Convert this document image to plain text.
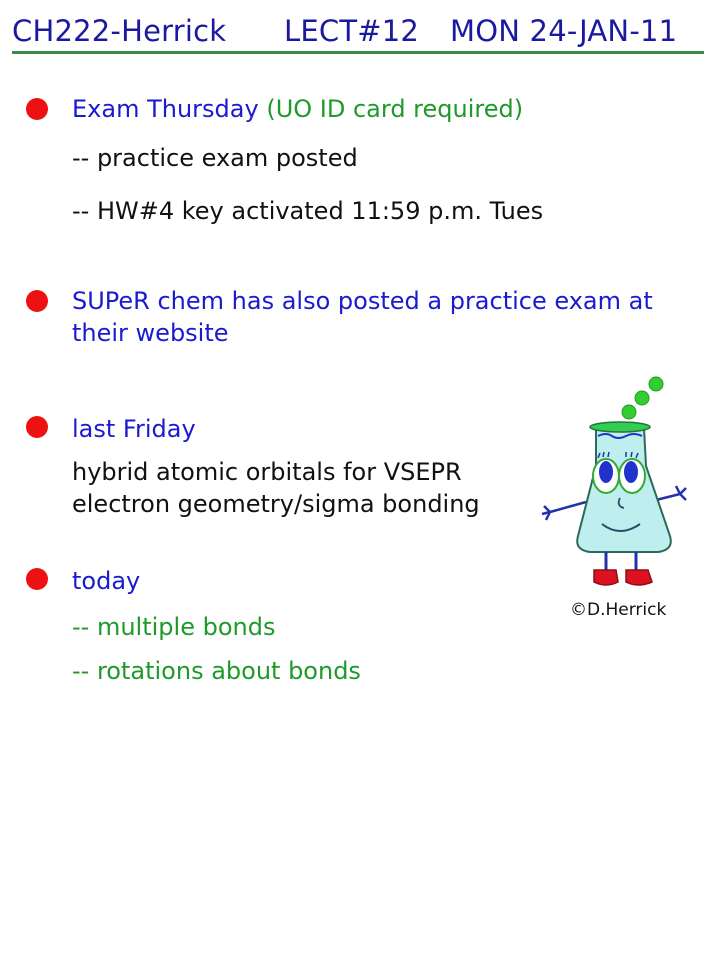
CH222-Herrick LECT#12 MON 24-JAN-11
Exam Thursday (UO ID card required)
-- practice exam posted
-- HW#4 key activated 11:59 p.m. Tues
SUPeR chem has also posted a practice exam at
their website
last Friday
hybrid atomic orbitals for VSEPR
electron geometry/sigma bonding
today
-- multiple bonds
-- rotations about bonds
©D.Herrick
